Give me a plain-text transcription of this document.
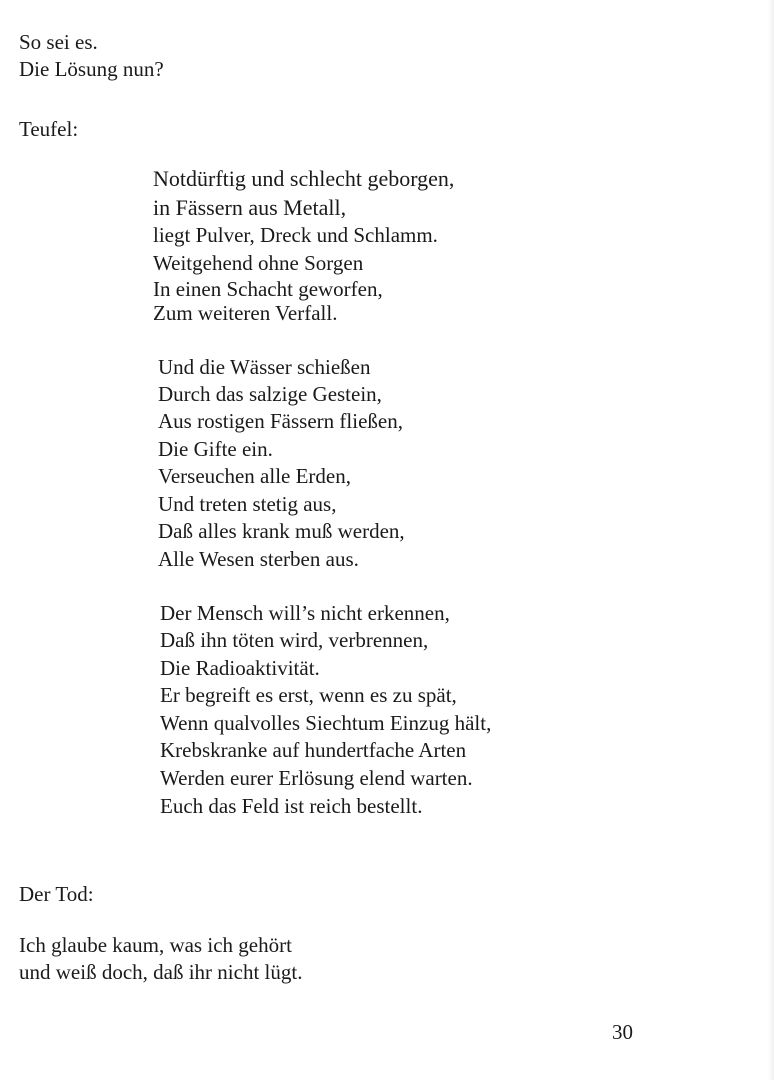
So sei es.
Die Lösung nun?
Teufel:
Notdürftig und schlecht geborgen,
in Fässern aus Metall,
liegt Pulver, Dreck und Schlamm.
Weitgehend ohne Sorgen
In einen Schacht geworfen,
Zum weiteren Verfall.
Und die Wässer schießen
Durch das salzige Gestein,
Aus rostigen Fässern fließen,
Die Gifte ein.
Verseuchen alle Erden,
Und treten stetig aus,
Daß alles krank muß werden,
Alle Wesen sterben aus.
Der Mensch will’s nicht erkennen,
Daß ihn töten wird, verbrennen,
Die Radioaktivität.
Er begreift es erst, wenn es zu spät,
Wenn qualvolles Siechtum Einzug hält,
Krebskranke auf hundertfache Arten
Werden eurer Erlösung elend warten.
Euch das Feld ist reich bestellt.
Der Tod:
Ich glaube kaum, was ich gehört
und weiß doch, daß ihr nicht lügt.
30
